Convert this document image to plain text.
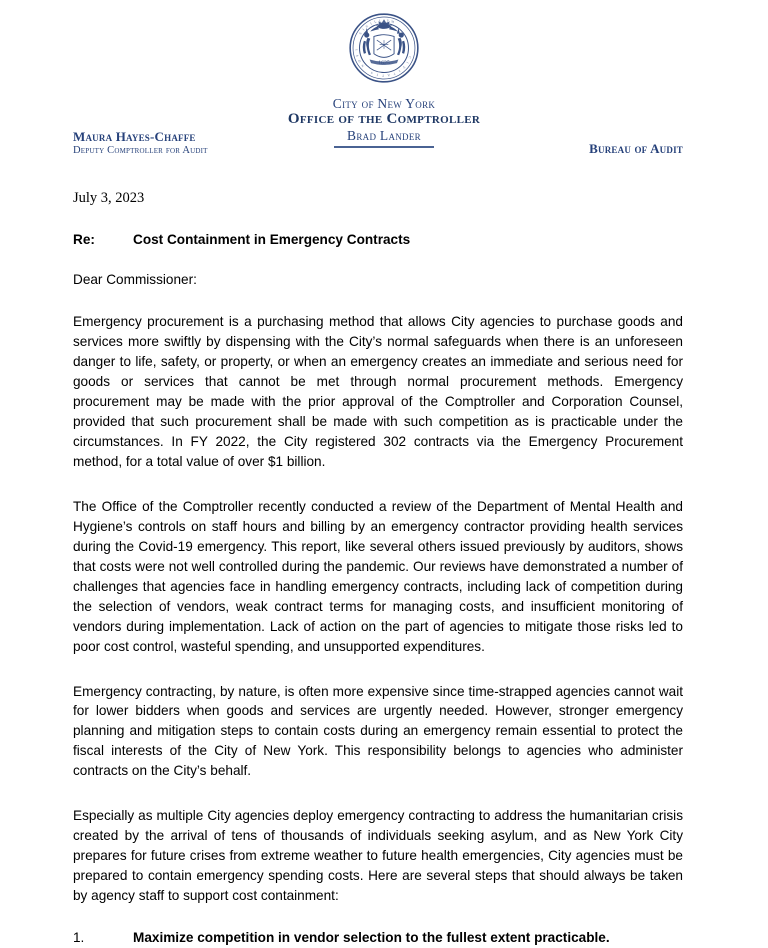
1625
S
I
G
I L L V M
C
I
V
I
T
A
T
I
S
N
O
V
I
City of New York
Office of the Comptroller
Brad Lander
Maura Hayes-Chaffe
Deputy Comptroller for Audit	Bureau of Audit
July 3, 2023
Re:	Cost Containment in Emergency Contracts
Dear Commissioner:

Emergency procurement is a purchasing method that allows City agencies to purchase goods and services more swiftly by dispensing with the City’s normal safeguards when there is an unforeseen danger to life, safety, or property, or when an emergency creates an immediate and serious need for goods or services that cannot be met through normal procurement methods. Emergency procurement may be made with the prior approval of the Comptroller and Corporation Counsel, provided that such procurement shall be made with such competition as is practicable under the circumstances. In FY 2022, the City registered 302 contracts via the Emergency Procurement method, for a total value of over $1 billion.

The Office of the Comptroller recently conducted a review of the Department of Mental Health and Hygiene’s controls on staff hours and billing by an emergency contractor providing health services during the Covid-19 emergency. This report, like several others issued previously by auditors, shows that costs were not well controlled during the pandemic. Our reviews have demonstrated a number of challenges that agencies face in handling emergency contracts, including lack of competition during the selection of vendors, weak contract terms for managing costs, and insufficient monitoring of vendors during implementation. Lack of action on the part of agencies to mitigate those risks led to poor cost control, wasteful spending, and unsupported expenditures.

Emergency contracting, by nature, is often more expensive since time-strapped agencies cannot wait for lower bidders when goods and services are urgently needed. However, stronger emergency planning and mitigation steps to contain costs during an emergency remain essential to protect the fiscal interests of the City of New York. This responsibility belongs to agencies who administer contracts on the City’s behalf.

Especially as multiple City agencies deploy emergency contracting to address the humanitarian crisis created by the arrival of tens of thousands of individuals seeking asylum, and as New York City prepares for future crises from extreme weather to future health emergencies, City agencies must be prepared to contain emergency spending costs. Here are several steps that should always be taken by agency staff to support cost containment:

1.	Maximize competition in vendor selection to the fullest extent practicable.
